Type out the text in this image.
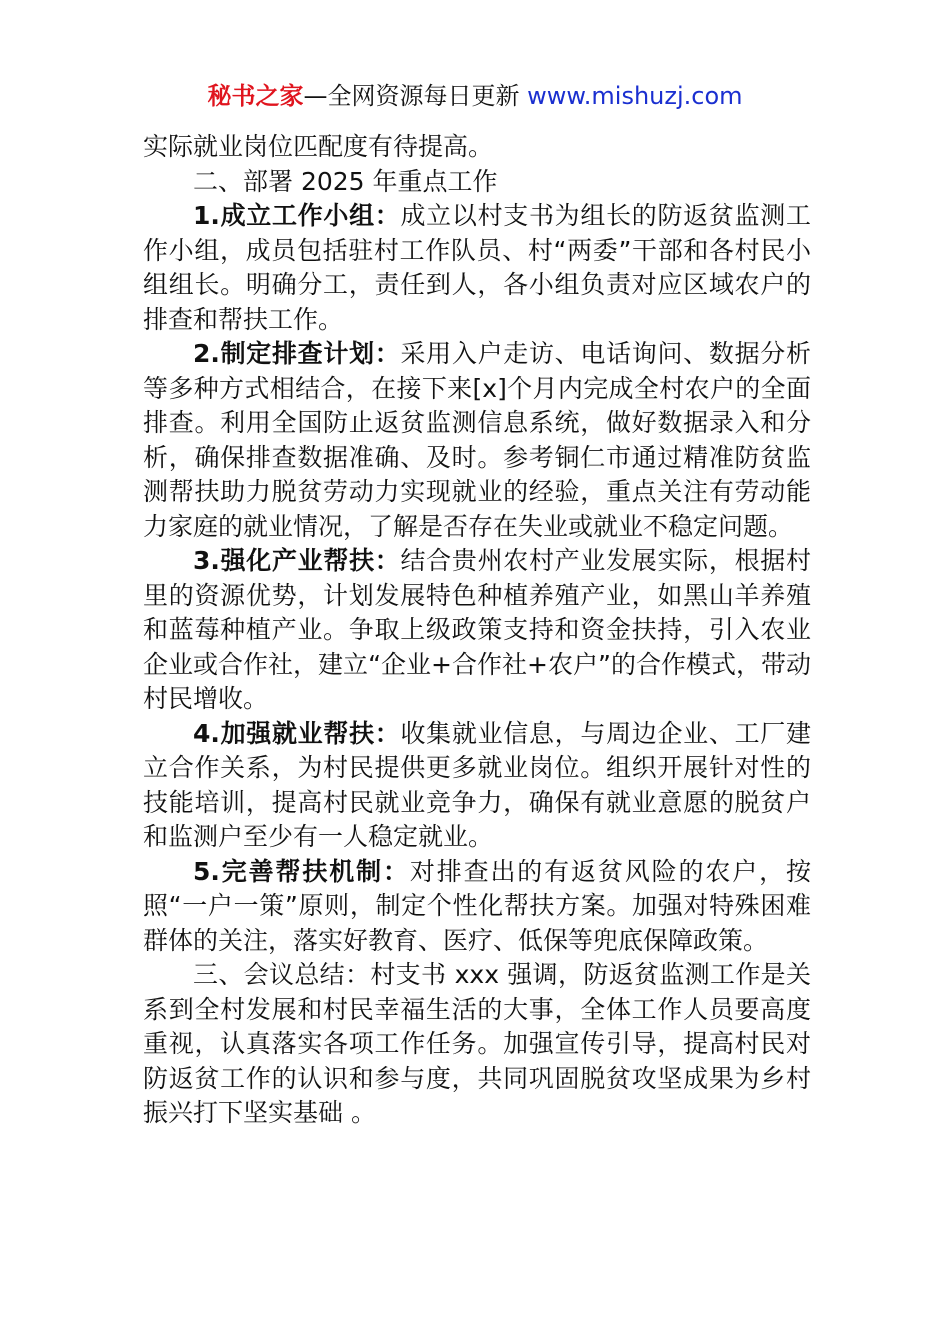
秘书之家—全网资源每日更新 www.mishuzj.com

实际就业岗位匹配度有待提高。

二、部署 2025 年重点工作

1.成立工作小组：成立以村支书为组长的防返贫监测工作小组，成员包括驻村工作队员、村“两委”干部和各村民小组组长。明确分工，责任到人，各小组负责对应区域农户的排查和帮扶工作。

2.制定排查计划：采用入户走访、电话询问、数据分析等多种方式相结合，在接下来[x]个月内完成全村农户的全面排查。利用全国防止返贫监测信息系统，做好数据录入和分析，确保排查数据准确、及时。参考铜仁市通过精准防贫监测帮扶助力脱贫劳动力实现就业的经验，重点关注有劳动能力家庭的就业情况，了解是否存在失业或就业不稳定问题。

3.强化产业帮扶：结合贵州农村产业发展实际，根据村里的资源优势，计划发展特色种植养殖产业，如黑山羊养殖和蓝莓种植产业。争取上级政策支持和资金扶持，引入农业企业或合作社，建立“企业+合作社+农户”的合作模式，带动村民增收。

4.加强就业帮扶：收集就业信息，与周边企业、工厂建立合作关系，为村民提供更多就业岗位。组织开展针对性的技能培训，提高村民就业竞争力，确保有就业意愿的脱贫户和监测户至少有一人稳定就业。

5.完善帮扶机制：对排查出的有返贫风险的农户，按照“一户一策”原则，制定个性化帮扶方案。加强对特殊困难群体的关注，落实好教育、医疗、低保等兜底保障政策。

三、会议总结：村支书 xxx 强调，防返贫监测工作是关系到全村发展和村民幸福生活的大事，全体工作人员要高度重视，认真落实各项工作任务。加强宣传引导，提高村民对防返贫工作的认识和参与度，共同巩固脱贫攻坚成果为乡村振兴打下坚实基础 。
